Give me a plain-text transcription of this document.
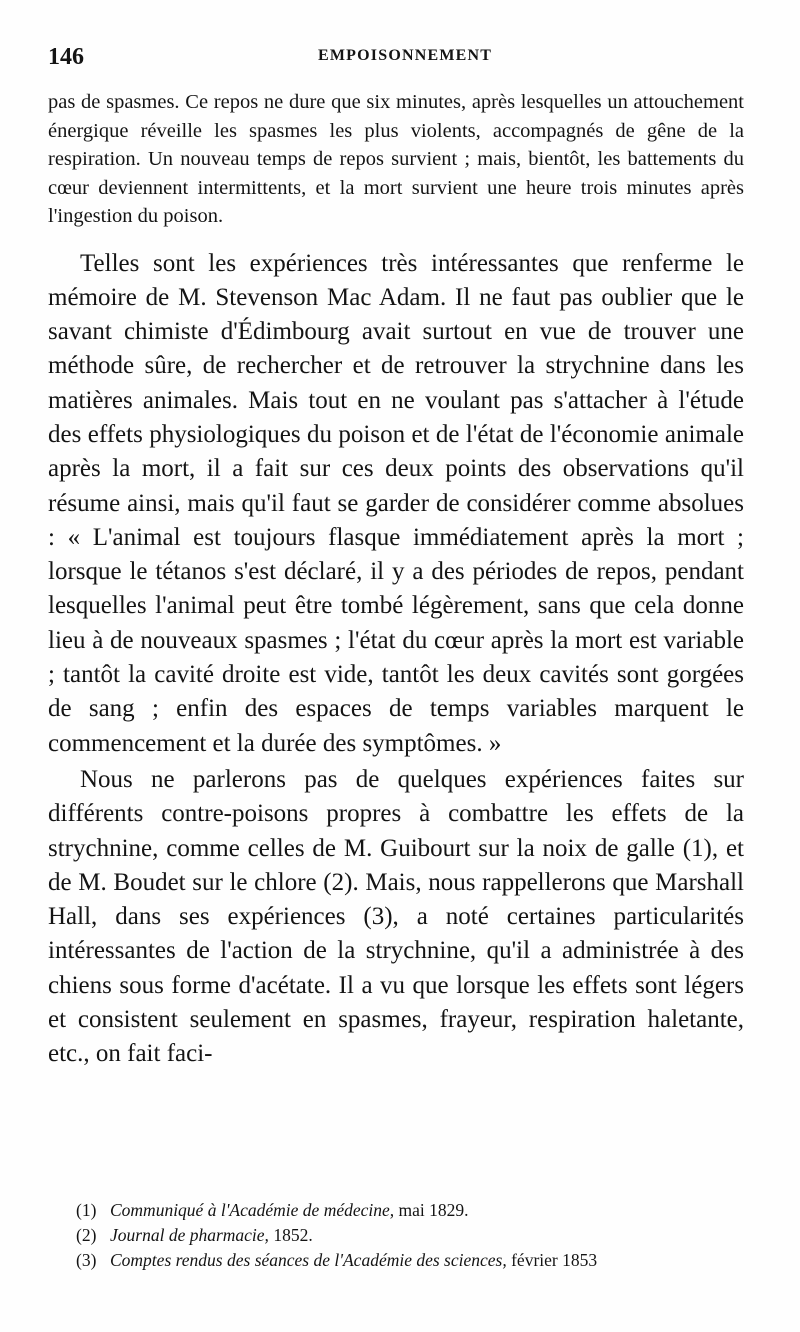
146	EMPOISONNEMENT

pas de spasmes. Ce repos ne dure que six minutes, après lesquelles un attouchement énergique réveille les spasmes les plus violents, accompagnés de gêne de la respiration. Un nouveau temps de repos survient ; mais, bientôt, les battements du cœur deviennent intermittents, et la mort survient une heure trois minutes après l'ingestion du poison.

Telles sont les expériences très intéressantes que renferme le mémoire de M. Stevenson Mac Adam. Il ne faut pas oublier que le savant chimiste d'Édimbourg avait surtout en vue de trouver une méthode sûre, de rechercher et de retrouver la strychnine dans les matières animales. Mais tout en ne voulant pas s'attacher à l'étude des effets physiologiques du poison et de l'état de l'économie animale après la mort, il a fait sur ces deux points des observations qu'il résume ainsi, mais qu'il faut se garder de considérer comme absolues : « L'animal est toujours flasque immédiatement après la mort ; lorsque le tétanos s'est déclaré, il y a des périodes de repos, pendant lesquelles l'animal peut être tombé légèrement, sans que cela donne lieu à de nouveaux spasmes ; l'état du cœur après la mort est variable ; tantôt la cavité droite est vide, tantôt les deux cavités sont gorgées de sang ; enfin des espaces de temps variables marquent le commencement et la durée des symptômes. »

Nous ne parlerons pas de quelques expériences faites sur différents contre-poisons propres à combattre les effets de la strychnine, comme celles de M. Guibourt sur la noix de galle (1), et de M. Boudet sur le chlore (2). Mais, nous rappellerons que Marshall Hall, dans ses expériences (3), a noté certaines particularités intéressantes de l'action de la strychnine, qu'il a administrée à des chiens sous forme d'acétate. Il a vu que lorsque les effets sont légers et consistent seulement en spasmes, frayeur, respiration haletante, etc., on fait faci-

(1) Communiqué à l'Académie de médecine, mai 1829.

(2) Journal de pharmacie, 1852.

(3) Comptes rendus des séances de l'Académie des sciences, février 1853
